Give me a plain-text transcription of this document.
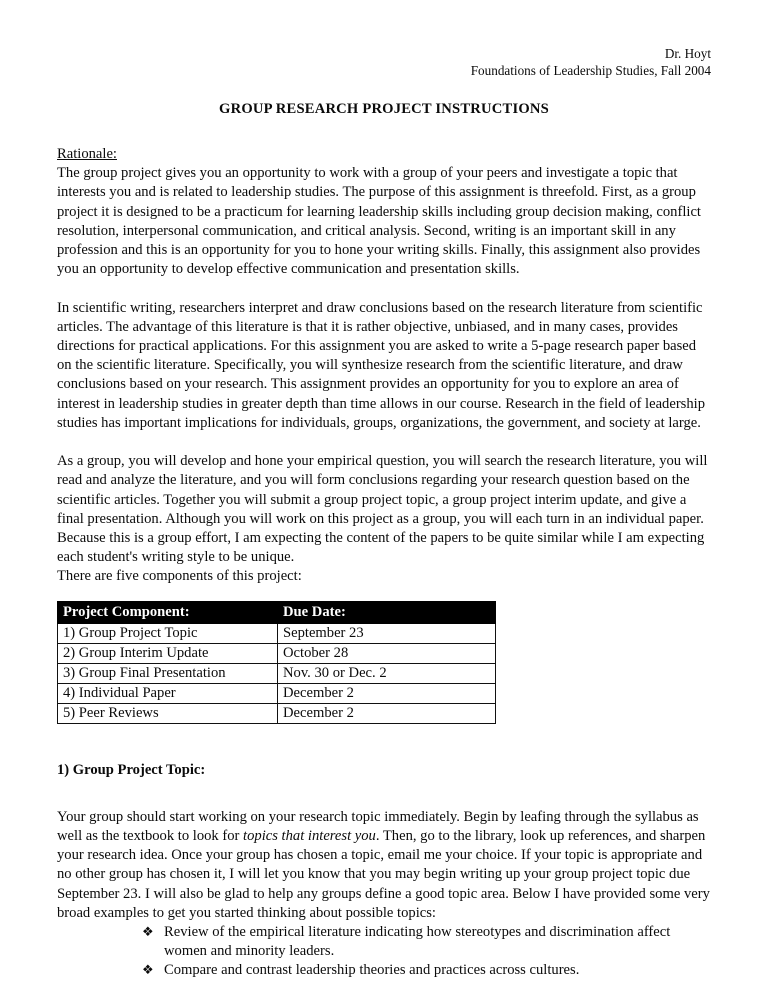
Dr. Hoyt
Foundations of Leadership Studies, Fall 2004
GROUP RESEARCH PROJECT INSTRUCTIONS
Rationale:

The group project gives you an opportunity to work with a group of your peers and investigate a topic that interests you and is related to leadership studies. The purpose of this assignment is threefold. First, as a group project it is designed to be a practicum for learning leadership skills including group decision making, conflict resolution, interpersonal communication, and critical analysis. Second, writing is an important skill in any profession and this is an opportunity for you to hone your writing skills. Finally, this assignment also provides you an opportunity to develop effective communication and presentation skills.

In scientific writing, researchers interpret and draw conclusions based on the research literature from scientific articles. The advantage of this literature is that it is rather objective, unbiased, and in many cases, provides directions for practical applications. For this assignment you are asked to write a 5-page research paper based on the scientific literature. Specifically, you will synthesize research from the scientific literature, and draw conclusions based on your research. This assignment provides an opportunity for you to explore an area of interest in leadership studies in greater depth than time allows in our course. Research in the field of leadership studies has important implications for individuals, groups, organizations, the government, and society at large.

As a group, you will develop and hone your empirical question, you will search the research literature, you will read and analyze the literature, and you will form conclusions regarding your research question based on the scientific articles. Together you will submit a group project topic, a group project interim update, and give a final presentation. Although you will work on this project as a group, you will each turn in an individual paper. Because this is a group effort, I am expecting the content of the papers to be quite similar while I am expecting each student's writing style to be unique.

There are five components of this project:

Project Component:	Due Date:
1) Group Project Topic	September 23
2) Group Interim Update	October 28
3) Group Final Presentation	Nov. 30 or Dec. 2
4) Individual Paper	December 2
5) Peer Reviews	December 2

1) Group Project Topic:

Your group should start working on your research topic immediately. Begin by leafing through the syllabus as well as the textbook to look for topics that interest you. Then, go to the library, look up references, and sharpen your research idea. Once your group has chosen a topic, email me your choice. If your topic is appropriate and no other group has chosen it, I will let you know that you may begin writing up your group project topic due September 23. I will also be glad to help any groups define a good topic area. Below I have provided some very broad examples to get you started thinking about possible topics:

❖ Review of the empirical literature indicating how stereotypes and discrimination affect women and minority leaders.
❖ Compare and contrast leadership theories and practices across cultures.
